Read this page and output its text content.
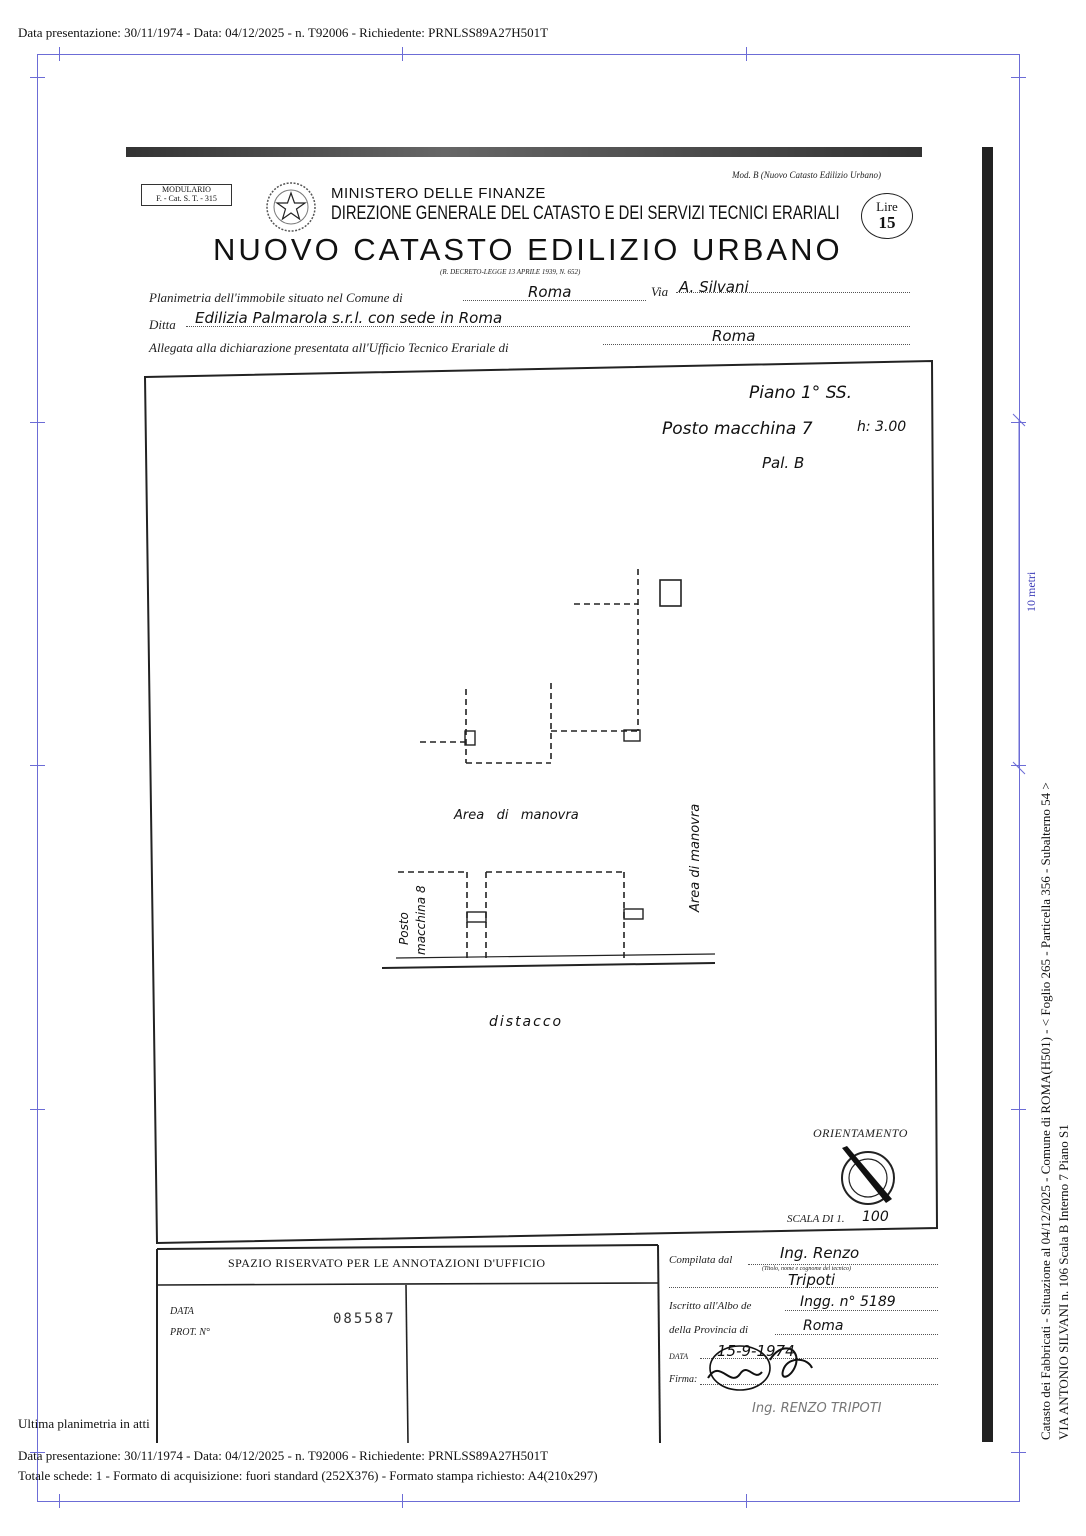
Data presentazione: 30/11/1974 - Data: 04/12/2025 - n. T92006 - Richiedente: PRNLSS89A27H501T
10 metri
Catasto dei Fabbricati - Situazione al 04/12/2025 - Comune di ROMA(H501) - < Foglio 265 - Particella 356 - Subalterno 54 > VIA ANTONIO SILVANI n. 106 Scala B Interno 7 Piano S1
MODULARIO
F. - Cat. S. T. - 315	MINISTERO DELLE FINANZE
DIREZIONE GENERALE DEL CATASTO E DEI SERVIZI TECNICI ERARIALI
Mod. B (Nuovo Catasto Edilizio Urbano)
Lire
15
NUOVO CATASTO EDILIZIO URBANO
(R. DECRETO-LEGGE 13 APRILE 1939, N. 652)
Planimetria dell'immobile situato nel Comune di	Roma	Via A. Silvani
Ditta Edilizia Palmarola s.r.l. con sede in Roma
Allegata alla dichiarazione presentata all'Ufficio Tecnico Erariale di
Roma
Piano 1° SS.
Posto macchina 7	h: 3.00
Pal. B
Area   di   manovra	Area di manovra
Posto macchina 8
distacco
ORIENTAMENTO
SCALA DI 1. 100
SPAZIO RISERVATO PER LE ANNOTAZIONI D'UFFICIO
DATA
PROT. N°
085587
Compilata dal	Ing. Renzo
(Titolo, nome e cognome del tecnico)
Tripoti
Iscritto all'Albo de	Ingg. n° 5189
della Provincia di	Roma
DATA 15-9-1974
Firma:
Ing. RENZO TRIPOTI
Ultima planimetria in atti
Data presentazione: 30/11/1974 - Data: 04/12/2025 - n. T92006 - Richiedente: PRNLSS89A27H501T
Totale schede: 1 - Formato di acquisizione: fuori standard (252X376) - Formato stampa richiesto: A4(210x297)
